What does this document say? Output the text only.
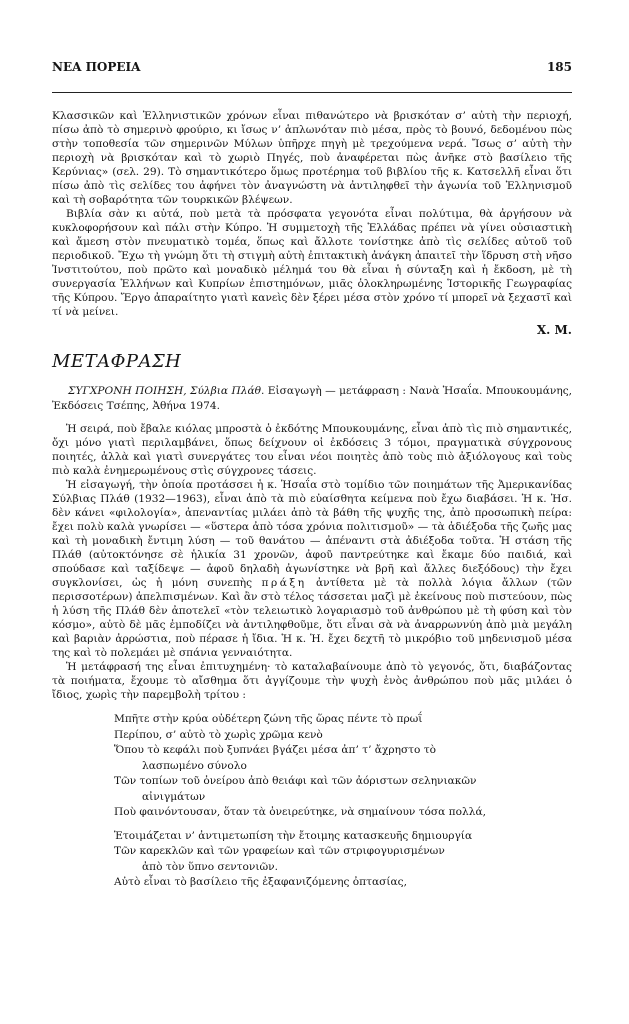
ΝΕΑ ΠΟΡΕΙΑ	185

Κλασσικῶν καὶ Ἑλληνιστικῶν χρόνων εἶναι πιθανώτερο νὰ βρισκόταν σ’ αὐτὴ τὴν περιοχή, πίσω ἀπὸ τὸ σημερινὸ φρούριο, κι ἴσως ν’ ἁπλωνόταν πιὸ μέσα, πρὸς τὸ βουνό, δεδομένου πὼς στὴν τοποθεσία τῶν σημερινῶν Μύλων ὑπῆρχε πηγὴ μὲ τρεχούμενα νερά. Ἴσως σ’ αὐτὴ τὴν περιοχὴ νὰ βρισκόταν καὶ τὸ χωριὸ Πηγές, ποὺ ἀναφέρεται πὼς ἀνῆκε στὸ βασίλειο τῆς Κερύνιας» (σελ. 29). Τὸ σημαντικότερο ὅμως προτέρημα τοῦ βιβλίου τῆς κ. Κατσελλῆ εἶναι ὅτι πίσω ἀπὸ τὶς σελίδες του ἀφήνει τὸν ἀναγνώστη νὰ ἀντιληφθεῖ τὴν ἀγωνία τοῦ Ἑλληνισμοῦ καὶ τὴ σοβαρότητα τῶν τουρκικῶν βλέψεων.

Βιβλία σὰν κι αὐτά, ποὺ μετὰ τὰ πρόσφατα γεγονότα εἶναι πολύτιμα, θὰ ἀργήσουν νὰ κυκλοφορήσουν καὶ πάλι στὴν Κύπρο. Ἡ συμμετοχὴ τῆς Ἑλλάδας πρέπει νὰ γίνει οὐσιαστικὴ καὶ ἄμεση στὸν πνευματικὸ τομέα, ὅπως καὶ ἄλλοτε τονίστηκε ἀπὸ τὶς σελίδες αὐτοῦ τοῦ περιοδικοῦ. Ἔχω τὴ γνώμη ὅτι τὴ στιγμὴ αὐτὴ ἐπιτακτικὴ ἀνάγκη ἀπαιτεῖ τὴν ἵδρυση στὴ νῆσο Ἰνστιτούτου, ποὺ πρῶτο καὶ μοναδικὸ μέλημά του θὰ εἶναι ἡ σύνταξη καὶ ἡ ἔκδοση, μὲ τὴ συνεργασία Ἑλλήνων καὶ Κυπρίων ἐπιστημόνων, μιᾶς ὁλοκληρωμένης Ἱστορικῆς Γεωγραφίας τῆς Κύπρου. Ἔργο ἀπαραίτητο γιατὶ κανεὶς δὲν ξέρει μέσα στὸν χρόνο τί μπορεῖ νὰ ξεχαστῖ καὶ τί νὰ μείνει.

Χ. Μ.
ΜΕΤΑΦΡΑΣΗ

ΣΥΓΧΡΟΝΗ ΠΟΙΗΣΗ, Σύλβια Πλάθ. Εἰσαγωγὴ — μετάφραση : Νανὰ Ἡσαΐα. Μπουκουμάνης, Ἐκδόσεις Τσέπης, Ἀθήνα 1974.

Ἡ σειρά, ποὺ ἔβαλε κιόλας μπροστὰ ὁ ἐκδότης Μπουκουμάνης, εἶναι ἀπὸ τὶς πιὸ σημαντικές, ὄχι μόνο γιατὶ περιλαμβάνει, ὅπως δείχνουν οἱ ἐκδόσεις 3 τόμοι, πραγματικὰ σύγχρονους ποιητές, ἀλλὰ καὶ γιατὶ συνεργάτες του εἶναι νέοι ποιητὲς ἀπὸ τοὺς πιὸ ἀξιόλογους καὶ τοὺς πιὸ καλὰ ἐνημερωμένους στὶς σύγχρονες τάσεις.

Ἡ εἰσαγωγή, τὴν ὁποία προτάσσει ἡ κ. Ἡσαΐα στὸ τομίδιο τῶν ποιημάτων τῆς Ἀμερικανίδας Σύλβιας Πλάθ (1932—1963), εἶναι ἀπὸ τὰ πιὸ εὐαίσθητα κείμενα ποὺ ἔχω διαβάσει. Ἡ κ. Ἡσ. δὲν κάνει «φιλολογία», ἀπεναντίας μιλάει ἀπὸ τὰ βάθη τῆς ψυχῆς της, ἀπὸ προσωπικὴ πείρα: ἔχει πολὺ καλὰ γνωρίσει — «ὕστερα ἀπὸ τόσα χρόνια πολιτισμοῦ» — τὰ ἀδιέξοδα τῆς ζωῆς μας καὶ τὴ μοναδικὴ ἔντιμη λύση — τοῦ θανάτου — ἀπέναντι στὰ ἀδιέξοδα τοῦτα. Ἡ στάση τῆς Πλάθ (αὐτοκτόνησε σὲ ἡλικία 31 χρονῶν, ἀφοῦ παντρεύτηκε καὶ ἔκαμε δύο παιδιά, καὶ σπούδασε καὶ ταξίδεψε — ἀφοῦ δηλαδὴ ἀγωνίστηκε νὰ βρῆ καὶ ἄλλες διεξόδους) τὴν ἔχει συγκλονίσει, ὡς ἡ μόνη συνεπὴς πράξη ἀντίθετα μὲ τὰ πολλὰ λόγια ἄλλων (τῶν περισσοτέρων) ἀπελπισμένων. Καὶ ἂν στὸ τέλος τάσσεται μαζὶ μὲ ἐκείνους ποὺ πιστεύουν, πὼς ἡ λύση τῆς Πλάθ δὲν ἀποτελεῖ «τὸν τελειωτικὸ λογαριασμὸ τοῦ ἀνθρώπου μὲ τὴ φύση καὶ τὸν κόσμο», αὐτὸ δὲ μᾶς ἐμποδίζει νὰ ἀντιληφθοῦμε, ὅτι εἶναι σὰ νὰ ἀναρρωννύη ἀπὸ μιὰ μεγάλη καὶ βαριὰν ἀρρώστια, ποὺ πέρασε ἡ ἴδια. Ἡ κ. Ἡ. ἔχει δεχτῆ τὸ μικρόβιο τοῦ μηδενισμοῦ μέσα της καὶ τὸ πολεμάει μὲ σπάνια γενναιότητα.

Ἡ μετάφρασή της εἶναι ἐπιτυχημένη· τὸ καταλαβαίνουμε ἀπὸ τὸ γεγονός, ὅτι, διαβάζοντας τὰ ποιήματα, ἔχουμε τὸ αἴσθημα ὅτι ἀγγίζουμε τὴν ψυχὴ ἑνὸς ἀνθρώπου ποὺ μᾶς μιλάει ὁ ἴδιος, χωρὶς τὴν παρεμβολὴ τρίτου :

Μπῆτε στὴν κρύα οὐδέτερη ζώνη τῆς ὥρας πέντε τὸ πρωΐ
Περίπου, σ’ αὐτὸ τὸ χωρὶς χρῶμα κενὸ
Ὅπου τὸ κεφάλι ποὺ ξυπνάει βγάζει μέσα ἀπ’ τ’ ἄχρηστο τὸ
λασπωμένο σύνολο
Τῶν τοπίων τοῦ ὀνείρου ἀπὸ θειάφι καὶ τῶν ἀόριστων σεληνιακῶν
αἰνιγμάτων
Ποὺ φαινόντουσαν, ὅταν τὰ ὀνειρεύτηκε, νὰ σημαίνουν τόσα πολλά,
Ἑτοιμάζεται ν’ ἀντιμετωπίση τὴν ἔτοιμης κατασκευῆς δημιουργία
Τῶν καρεκλῶν καὶ τῶν γραφείων καὶ τῶν στριφογυρισμένων
ἀπὸ τὸν ὕπνο σεντονιῶν.
Αὐτὸ εἶναι τὸ βασίλειο τῆς ἐξαφανιζόμενης ὀπτασίας,
